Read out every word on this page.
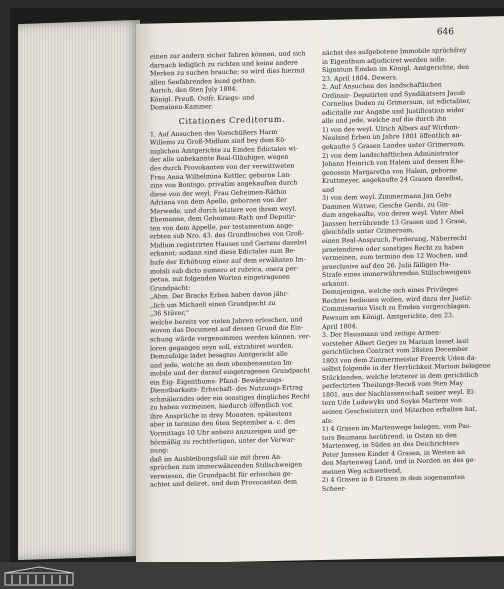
646
einen zur andern sicher fahren können, und sich
darnach lediglich zu richten und keine andere
Merken zu suchen brauche; so wird dies hiermit
allen Seefahrenden kund gethan.
Aurich, den 6ten July 1804.
Königl. Preuß. Ostfr. Kriegs- und
Domainen-Kammer.
Citationes Creditorum.
1. Auf Ansuchen des Vorschüßers Harm
Willems zu Groß-Midlum sind bey dem Kö-
niglichen Amtgerichte zu Emden Edictales wi-
der alle unbekannte Real-Gläubiger, wegen
des durch Provokanten von der verwittweten
Frau Anna Wilhelmina Kettler, geborne Lan-
zins von Bontsgo, privatim angekauften durch
diese von der weyl. Frau Geheimen-Räthin
Adriana von dem Apelle, gebornen von der
Merwede, und durch letztere von ihrem weyl.
Ehemanne, dem Geheimen-Rath und Deputir-
ten von dem Appelle, per testamentum ange-
erbten sub Nro. 43. des Grundbuches von Groß-
Midlum registrirten Hauses und Gartens dasebst
erkannt; sodann sind diese Edictales zum Be-
hufe der Erhöhung einer auf dem erwähnten Im-
mobili sub dicto numero et rubrica, onera per-
petua, mit folgenden Worten eingetragenen
Grundpacht:
„Abm. Der Bracks Erben haben davon jähr-
„lich um Michaeli einen Grundpacht zu
„36 Stüver,“
welche bereits vor vielen Jahren erloschen, und
wovon das Document auf dessen Grund die Ein-
schung würde vorgenommen werden können, ver-
loren gegangen seyn soll, extrahiret worden.
Demzufolge ladet besagtes Amtgericht alle
und jede, welche an dem obenbenannten Im-
mobile und der darauf eingetragenen Grundpacht
ein Eig- Eigenthums- Pfand- Bewährungs-
Dienstbarkeits- Erbschaft- des Nutzungs-Ertrag
schmälerndes oder ein sonstiges dingliches Recht
zu haben vermeinen, hiedurch öffentlich vor,
ihre Ansprüche in drey Monaten, spätestens
aber in termino den 6ten September a. c. des
Vormittags 10 Uhr anhero anzuzeigen und ge-
hörmäßig zu rechtfertigen, unter der Verwar-
nung:
daß im Ausbleibungsfall sie mit ihren An-
sprüchen zum immerwährenden Stillschweigen
verwiesen, die Grundpacht für erloschen ge-
achtet und deliret, und dem Provocanten dem
nächst das aufgebotene Immobile sprüchfrey
in Eigenthum adjudiciret werden solle.
Signatum Emden im Königl. Amtgerichte, den
23. April 1804. Dewers.
2. Auf Ansuchen des landschaftlichen
Ordinair- Deputirten und Syndikatsers Jacob
Cornelius Doden zu Grimersum, ist edictaliter,
edicitalle zur Angabe und Justification wider
alle und jede, welche auf die durch ihn
1) von des weyl. Ulrich Albers auf Wirdum-
Neuland Erben im Jahre 1801 öffentlich an-
gekaufte 5 Grasen Landes unter Grimersum,
2) von dem landschaftlichen Administrator
Johann Heinrich von Halem und dessen Ehe-
genossin Margaretha von Halem, geborne
Kruttmeyer, angekaufte 24 Grasen daselbst,
und
3) von dem weyl. Zimmermann Jan Gebs
Dammen Wittwe, Gesche Gerds, zu Gin-
dum angekaufte, von deren weyl. Vater Abel
Janssen herrührende 13 Grasen und 1 Grase,
gleichfalls unter Grimersum,
einen Real-Anspruch, Forderung, Näherrecht
praetendiren oder sonstiges Recht zu haben
vermeinen, zum termino den 12 Wochen, und
praeclusive auf den 26. Julii fälligen Ha-
Strafe eines immerwährenden Stillschweigens
erkannt.
Demnjenigen, welche sich eines Privileges
Rechtes bedienen wollen, wird dazu der Justiz-
Commissarius Visch zu Emden vorgeschlagen.
Pewsum am Königl. Amtgerichte, den 23.
April 1804.
3. Der Hausmann und zeitige Armen-
vorsteher Albert Gerjes zu Marium lasset laut
gerichtlichen Contract vom 28sten December
1803 von dem Zimmermeister Freerck Uden da-
selbst folgende in der Herrlichkeit Marium belegene
Stücklanden, welche letzterer in dem gerichtlich
perfectirten Theilungs-Receß vom 9ten May
1801, aus der Nachlassenschaft seiner weyl. El-
tern Ude Ludewyks und Soyke Martens von
seinen Geschwistern und Miterben erhalten hat,
als:
1) 4 Grasen im Martenwege belegen, vom Pas-
tors Baumann herührend, in Osten an den
Martenweg, in Süden an des Deichrichters
Peter Janssen Kinder 4 Grasen, in Westen an
den Martenweg Land, und in Norden an des ge-
meinen Weg schwettend,
2) 4 Grasen in 8 Grasen in dem sogenannten
Scheer-
